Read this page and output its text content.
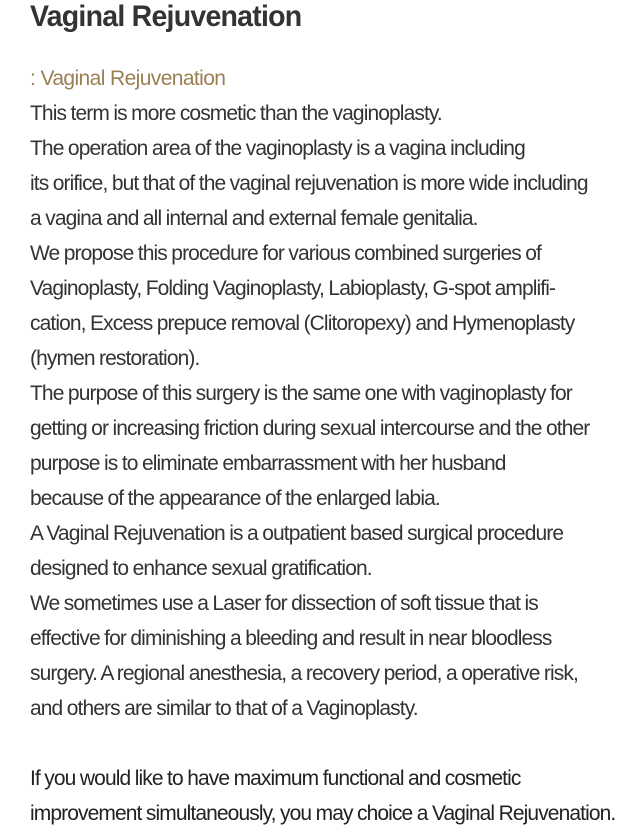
Vaginal Rejuvenation
: Vaginal Rejuvenation
This term is more cosmetic than the vaginoplasty.
The operation area of the vaginoplasty is a vagina including
its orifice, but that of the vaginal rejuvenation is more wide including
a vagina and all internal and external female genitalia.
We propose this procedure for various combined surgeries of
Vaginoplasty, Folding Vaginoplasty, Labioplasty, G-spot amplifi-
cation, Excess prepuce removal (Clitoropexy) and Hymenoplasty
(hymen restoration).
The purpose of this surgery is the same one with vaginoplasty for
getting or increasing friction during sexual intercourse and the other
purpose is to eliminate embarrassment with her husband
because of the appearance of the enlarged labia.
A Vaginal Rejuvenation is a outpatient based surgical procedure
designed to enhance sexual gratification.
We sometimes use a Laser for dissection of soft tissue that is
effective for diminishing a bleeding and result in near bloodless
surgery. A regional anesthesia, a recovery period, a operative risk,
and others are similar to that of a Vaginoplasty.
If you would like to have maximum functional and cosmetic
improvement simultaneously, you may choice a Vaginal Rejuvenation.
